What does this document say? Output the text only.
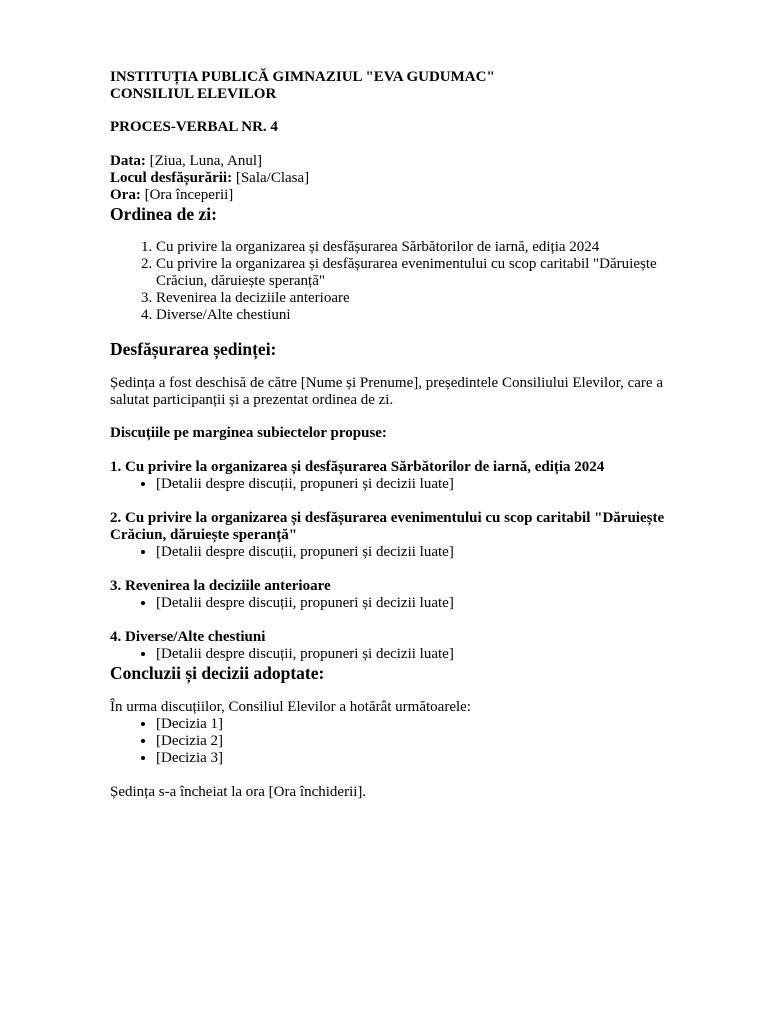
INSTITUȚIA PUBLICĂ GIMNAZIUL "EVA GUDUMAC"
CONSILIUL ELEVILOR
PROCES-VERBAL NR. 4
Data: [Ziua, Luna, Anul]
Locul desfășurării: [Sala/Clasa]
Ora: [Ora începerii]
Ordinea de zi:
1. Cu privire la organizarea și desfășurarea Sărbătorilor de iarnă, ediția 2024
2. Cu privire la organizarea și desfășurarea evenimentului cu scop caritabil "Dăruiește Crăciun, dăruiește speranță"
3. Revenirea la deciziile anterioare
4. Diverse/Alte chestiuni
Desfășurarea ședinței:

Ședința a fost deschisă de către [Nume și Prenume], președintele Consiliului Elevilor, care a salutat participanții și a prezentat ordinea de zi.

Discuțiile pe marginea subiectelor propuse:

1. Cu privire la organizarea și desfășurarea Sărbătorilor de iarnă, ediția 2024

• [Detalii despre discuții, propuneri și decizii luate]

2. Cu privire la organizarea și desfășurarea evenimentului cu scop caritabil "Dăruiește Crăciun, dăruiește speranță"

• [Detalii despre discuții, propuneri și decizii luate]

3. Revenirea la deciziile anterioare

• [Detalii despre discuții, propuneri și decizii luate]

4. Diverse/Alte chestiuni

• [Detalii despre discuții, propuneri și decizii luate]
Concluzii și decizii adoptate:

În urma discuțiilor, Consiliul Elevilor a hotărât următoarele:

• [Decizia 1]
• [Decizia 2]
• [Decizia 3]

Ședința s-a încheiat la ora [Ora închiderii].
